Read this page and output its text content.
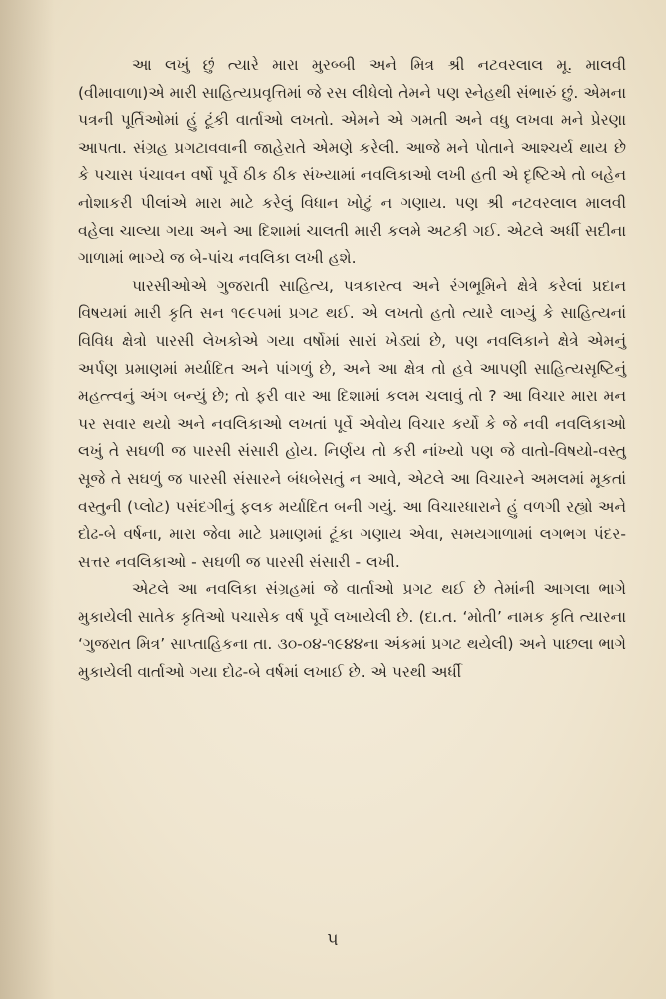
આ લખું છું ત્યારે મારા મુરબ્બી અને મિત્ર શ્રી નટવરલાલ મૂ. માલવી (વીમાવાળા)એ મારી સાહિત્યપ્રવૃત્તિમાં જે રસ લીધેલો તેમને પણ સ્નેહથી સંભારું છું. એમના પત્રની પૂર્તિઓમાં હું ટૂંકી વાર્તાઓ લખતો. એમને એ ગમતી અને વધુ લખવા મને પ્રેરણા આપતા. સંગ્રહ પ્રગટાવવાની જાહેરાતે એમણે કરેલી. આજે મને પોતાને આશ્ચર્ય થાય છે કે પચાસ પંચાવન વર્ષો પૂર્વે ઠીક ઠીક સંખ્યામાં નવલિકાઓ લખી હતી એ દૃષ્ટિએ તો બહેન નોશાકરી પીલાંએ મારા માટે કરેલું વિધાન ખોટું ન ગણાય. પણ શ્રી નટવરલાલ માલવી વહેલા ચાલ્યા ગયા અને આ દિશામાં ચાલતી મારી કલમે અટકી ગઈ. એટલે અર્ધી સદીના ગાળામાં ભાગ્યે જ બે-પાંચ નવલિકા લખી હશે.

પારસીઓએ ગુજરાતી સાહિત્ય, પત્રકારત્વ અને રંગભૂમિને ક્ષેત્રે કરેલાં પ્રદાન વિષયમાં મારી કૃતિ સન ૧૯૯૫માં પ્રગટ થઈ. એ લખતો હતો ત્યારે લાગ્યું કે સાહિત્યનાં વિવિધ ક્ષેત્રો પારસી લેખકોએ ગયા વર્ષોમાં સારાં ખેડ્યાં છે, પણ નવલિકાને ક્ષેત્રે એમનું અર્પણ પ્રમાણમાં મર્યાદિત અને પાંગળું છે, અને આ ક્ષેત્ર તો હવે આપણી સાહિત્યસૃષ્ટિનું મહત્ત્વનું અંગ બન્યું છે; તો ફરી વાર આ દિશામાં કલમ ચલાવું તો ? આ વિચાર મારા મન પર સવાર થયો અને નવલિકાઓ લખતાં પૂર્વે એવોય વિચાર કર્યો કે જે નવી નવલિકાઓ લખું તે સઘળી જ પારસી સંસારી હોય. નિર્ણય તો કરી નાંખ્યો પણ જે વાતો-વિષયો-વસ્તુ સૂજે તે સઘળું જ પારસી સંસારને બંધબેસતું ન આવે, એટલે આ વિચારને અમલમાં મૂકતાં વસ્તુની (પ્લોટ) પસંદગીનું ફલક મર્યાદિત બની ગયું. આ વિચારધારાને હું વળગી રહ્યો અને દોઢ-બે વર્ષના, મારા જેવા માટે પ્રમાણમાં ટૂંકા ગણાય એવા, સમયગાળામાં લગભગ પંદર-સત્તર નવલિકાઓ - સઘળી જ પારસી સંસારી - લખી.

એટલે આ નવલિકા સંગ્રહમાં જે વાર્તાઓ પ્રગટ થઈ છે તેમાંની આગલા ભાગે મુકાયેલી સાતેક કૃતિઓ પચાસેક વર્ષ પૂર્વે લખાયેલી છે. (દા.ત. ‘મોતી’ નામક કૃતિ ત્યારના ‘ગુજરાત મિત્ર’ સાપ્તાહિકના તા. ૩૦-૦૪-૧૯૪૪ના અંકમાં પ્રગટ થયેલી) અને પાછલા ભાગે મુકાયેલી વાર્તાઓ ગયા દોઢ-બે વર્ષમાં લખાઈ છે. એ પરથી અર્ધી

૫
